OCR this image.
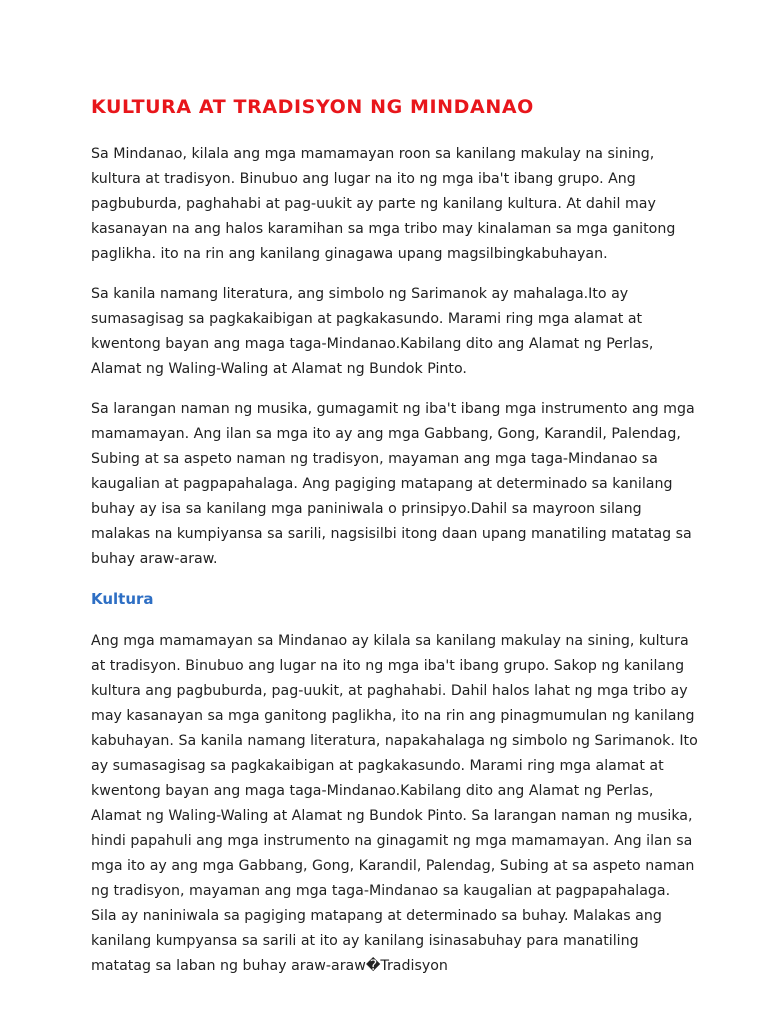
KULTURA AT TRADISYON NG MINDANAO

Sa Mindanao, kilala ang mga mamamayan roon sa kanilang makulay na sining, kultura at tradisyon. Binubuo ang lugar na ito ng mga iba't ibang grupo. Ang pagbuburda, paghahabi at pag-uukit ay parte ng kanilang kultura. At dahil may kasanayan na ang halos karamihan sa mga tribo may kinalaman sa mga ganitong paglikha. ito na rin ang kanilang ginagawa upang magsilbingkabuhayan.

Sa kanila namang literatura, ang simbolo ng Sarimanok ay mahalaga.Ito ay sumasagisag sa pagkakaibigan at pagkakasundo. Marami ring mga alamat at kwentong bayan ang maga taga-Mindanao.Kabilang dito ang Alamat ng Perlas, Alamat ng Waling-Waling at Alamat ng Bundok Pinto.

Sa larangan naman ng musika, gumagamit ng iba't ibang mga instrumento ang mga mamamayan. Ang ilan sa mga ito ay ang mga Gabbang, Gong, Karandil, Palendag, Subing at sa aspeto naman ng tradisyon, mayaman ang mga taga-Mindanao sa kaugalian at pagpapahalaga. Ang pagiging matapang at determinado sa kanilang buhay ay isa sa kanilang mga paniniwala o prinsipyo.Dahil sa mayroon silang malakas na kumpiyansa sa sarili, nagsisilbi itong daan upang manatiling matatag sa buhay araw-araw.

Kultura

Ang mga mamamayan sa Mindanao ay kilala sa kanilang makulay na sining, kultura at tradisyon. Binubuo ang lugar na ito ng mga iba't ibang grupo. Sakop ng kanilang kultura ang pagbuburda, pag-uukit, at paghahabi. Dahil halos lahat ng mga tribo ay may kasanayan sa mga ganitong paglikha, ito na rin ang pinagmumulan ng kanilang kabuhayan. Sa kanila namang literatura, napakahalaga ng simbolo ng Sarimanok. Ito ay sumasagisag sa pagkakaibigan at pagkakasundo. Marami ring mga alamat at kwentong bayan ang maga taga-Mindanao.Kabilang dito ang Alamat ng Perlas, Alamat ng Waling-Waling at Alamat ng Bundok Pinto. Sa larangan naman ng musika, hindi papahuli ang mga instrumento na ginagamit ng mga mamamayan. Ang ilan sa mga ito ay ang mga Gabbang, Gong, Karandil, Palendag, Subing at sa aspeto naman ng tradisyon, mayaman ang mga taga-Mindanao sa kaugalian at pagpapahalaga. Sila ay naniniwala sa pagiging matapang at determinado sa buhay. Malakas ang kanilang kumpyansa sa sarili at ito ay kanilang isinasabuhay para manatiling matatag sa laban ng buhay araw-araw�Tradisyon
